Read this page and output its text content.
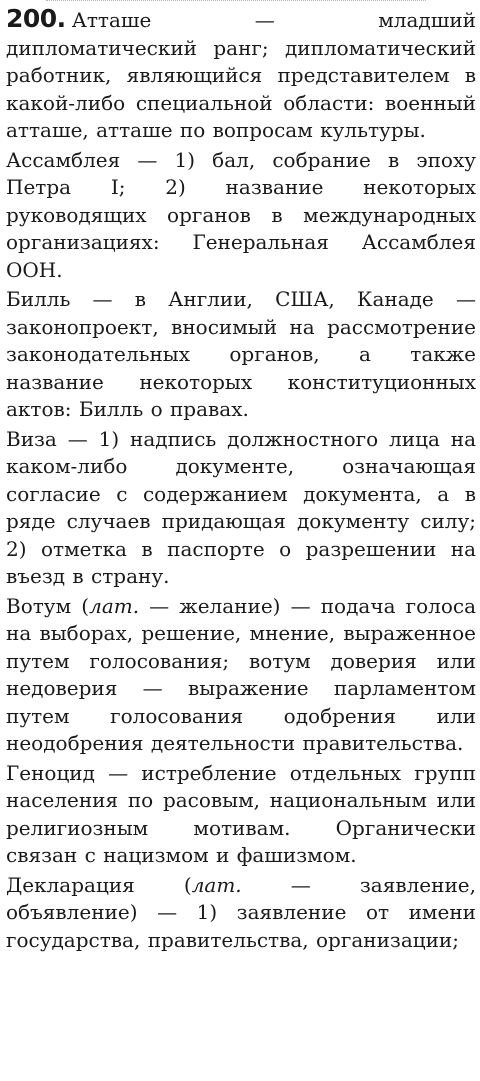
200. Атташе — младший дипломатический ранг; дипломатический работник, являющийся представителем в какой-либо специальной области: военный атташе, атташе по вопросам культуры.

Ассамблея — 1) бал, собрание в эпоху Петра I; 2) название некоторых руководящих органов в международных организациях: Генеральная Ассамблея ООН.

Билль — в Англии, США, Канаде — законопроект, вносимый на рассмотрение законодательных органов, а также название некоторых конституционных актов: Билль о правах.

Виза — 1) надпись должностного лица на каком-либо документе, означающая согласие с содержанием документа, а в ряде случаев придающая документу силу; 2) отметка в паспорте о разрешении на въезд в страну.

Вотум (лат. — желание) — подача голоса на выборах, решение, мнение, выраженное путем голосования; вотум доверия или недоверия — выражение парламентом путем голосования одобрения или неодобрения деятельности правительства.

Геноцид — истребление отдельных групп населения по расовым, национальным или религиозным мотивам. Органически связан с нацизмом и фашизмом.

Декларация (лат. — заявление, объявление) — 1) заявление от имени государства, правительства, организации;
